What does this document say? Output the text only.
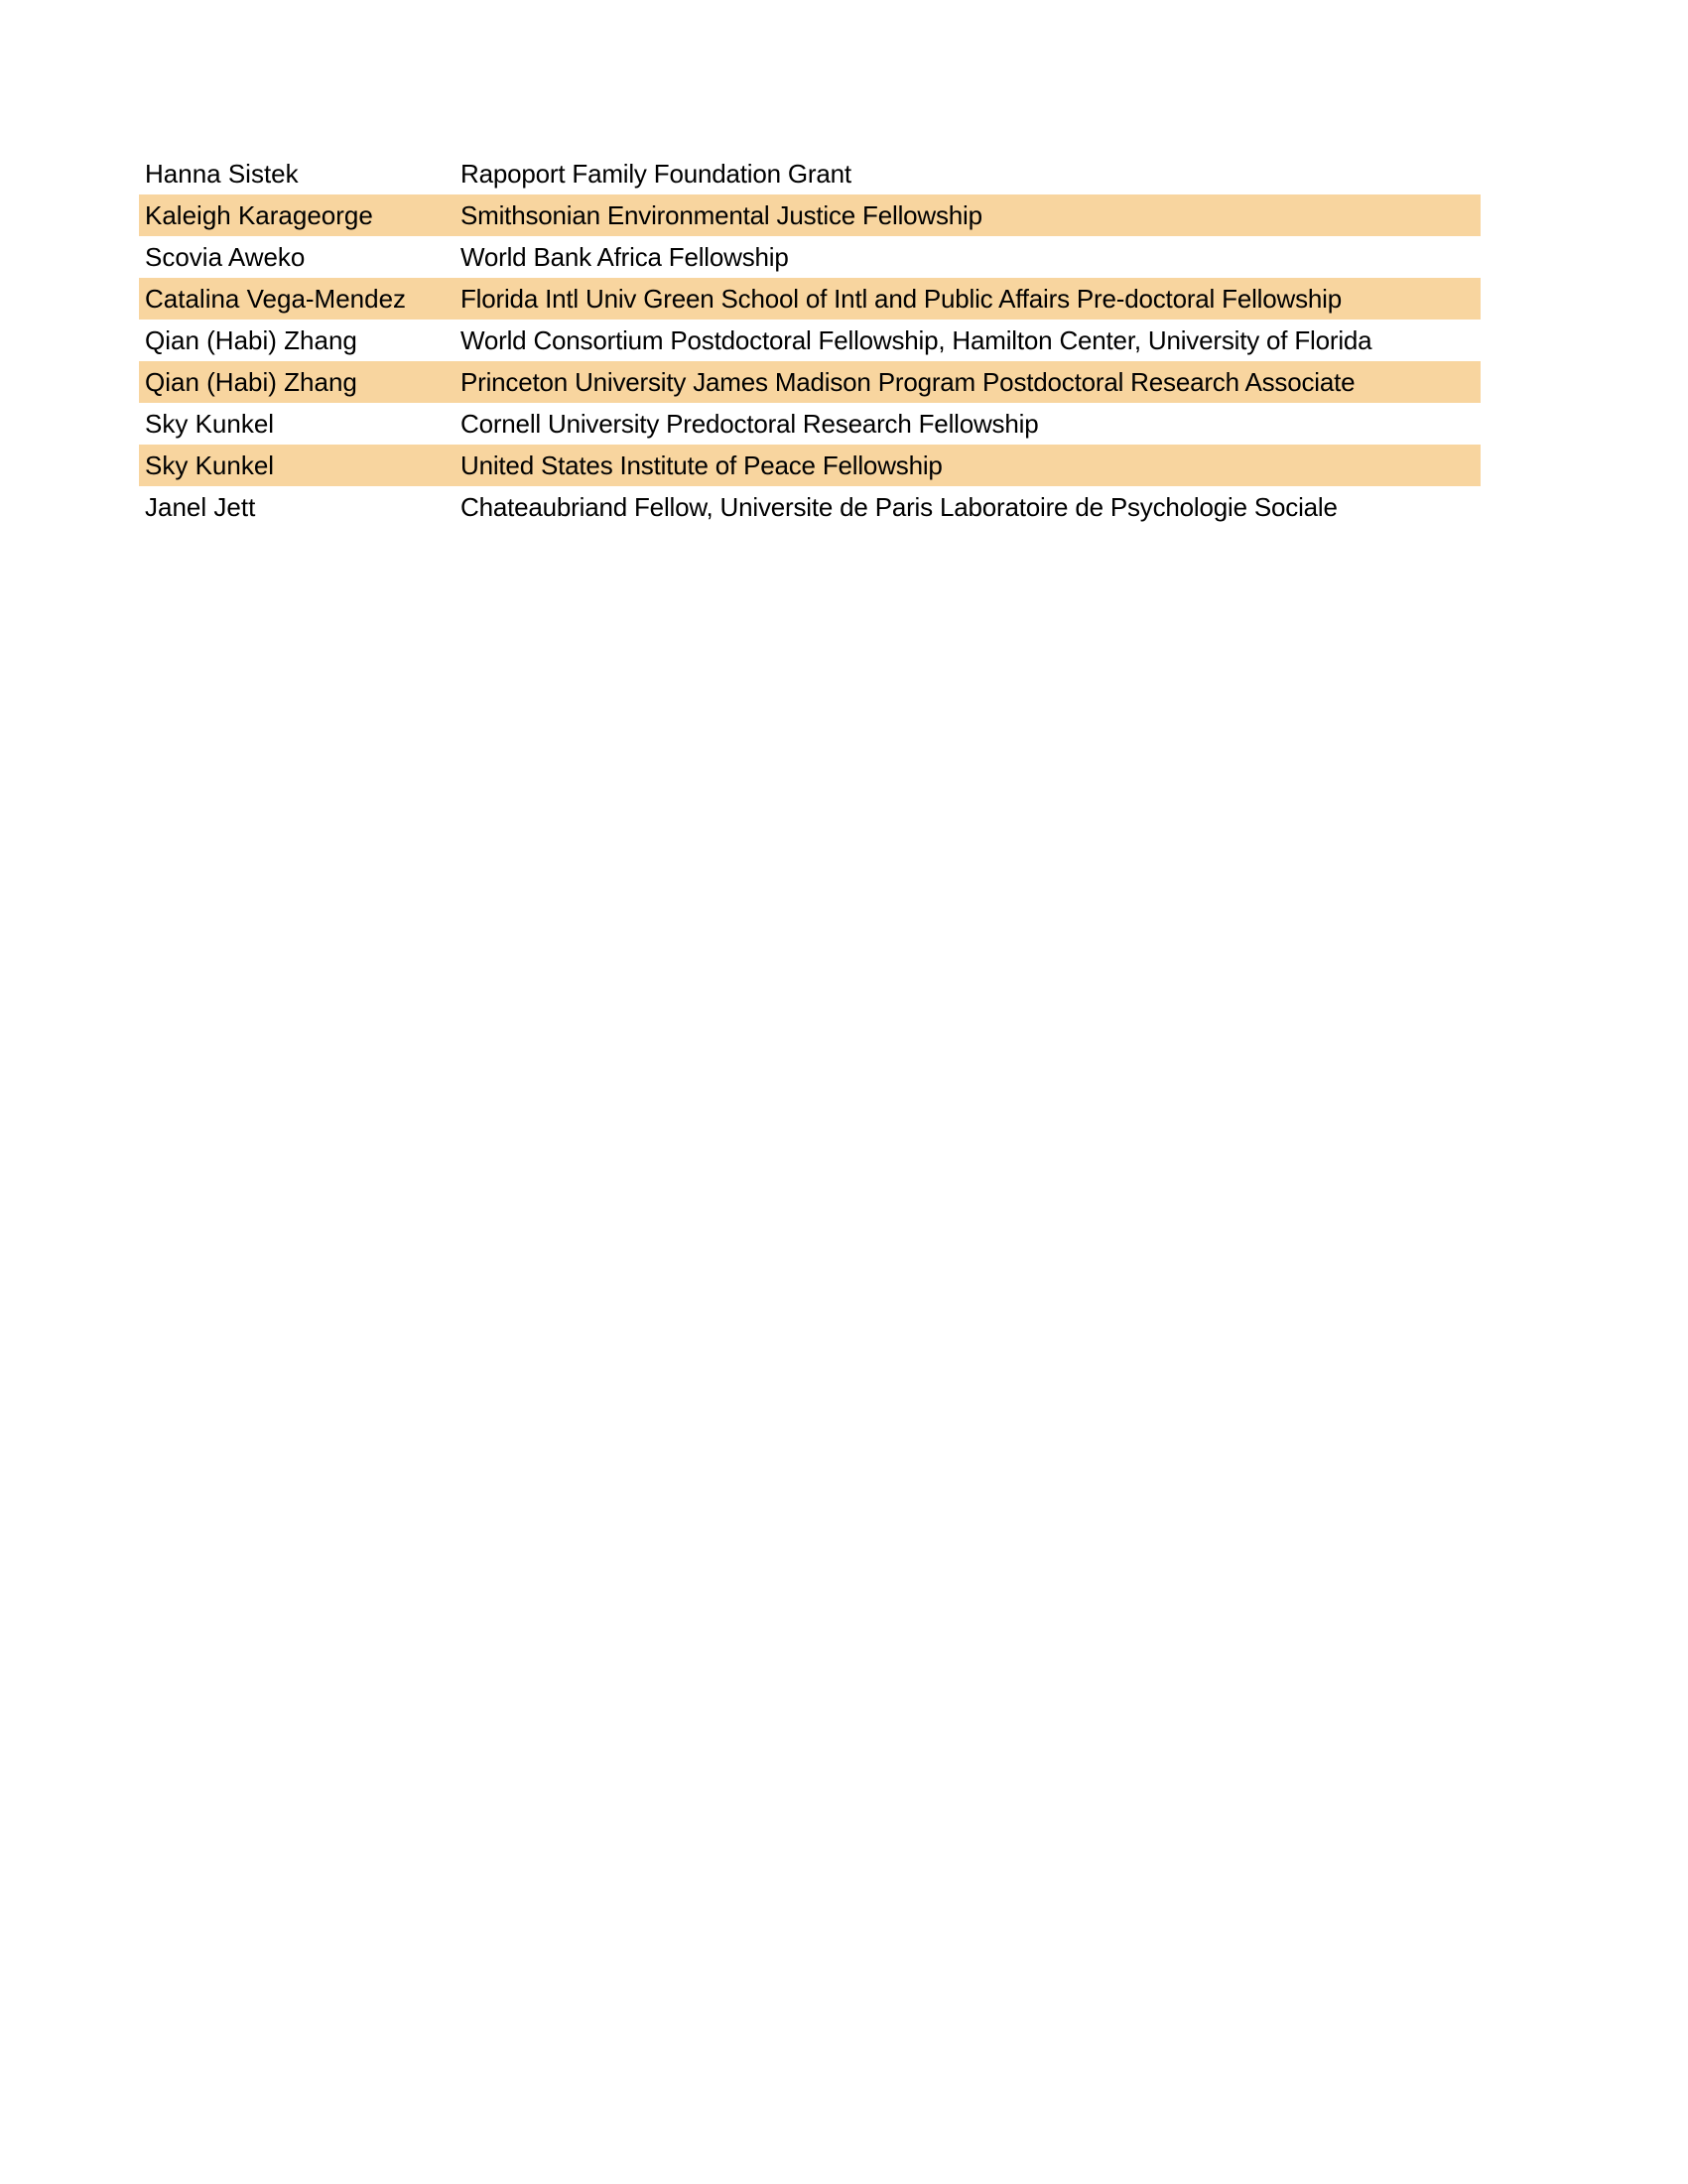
Hanna Sistek	Rapoport Family Foundation Grant
Kaleigh Karageorge	Smithsonian Environmental Justice Fellowship
Scovia Aweko	World Bank Africa Fellowship
Catalina Vega-Mendez	Florida Intl Univ Green School of Intl and Public Affairs Pre-doctoral Fellowship
Qian (Habi) Zhang	World Consortium Postdoctoral Fellowship, Hamilton Center, University of Florida
Qian (Habi) Zhang	Princeton University James Madison Program Postdoctoral Research Associate
Sky Kunkel	Cornell University Predoctoral Research Fellowship
Sky Kunkel	United States Institute of Peace Fellowship
Janel Jett	Chateaubriand Fellow, Universite de Paris Laboratoire de Psychologie Sociale
